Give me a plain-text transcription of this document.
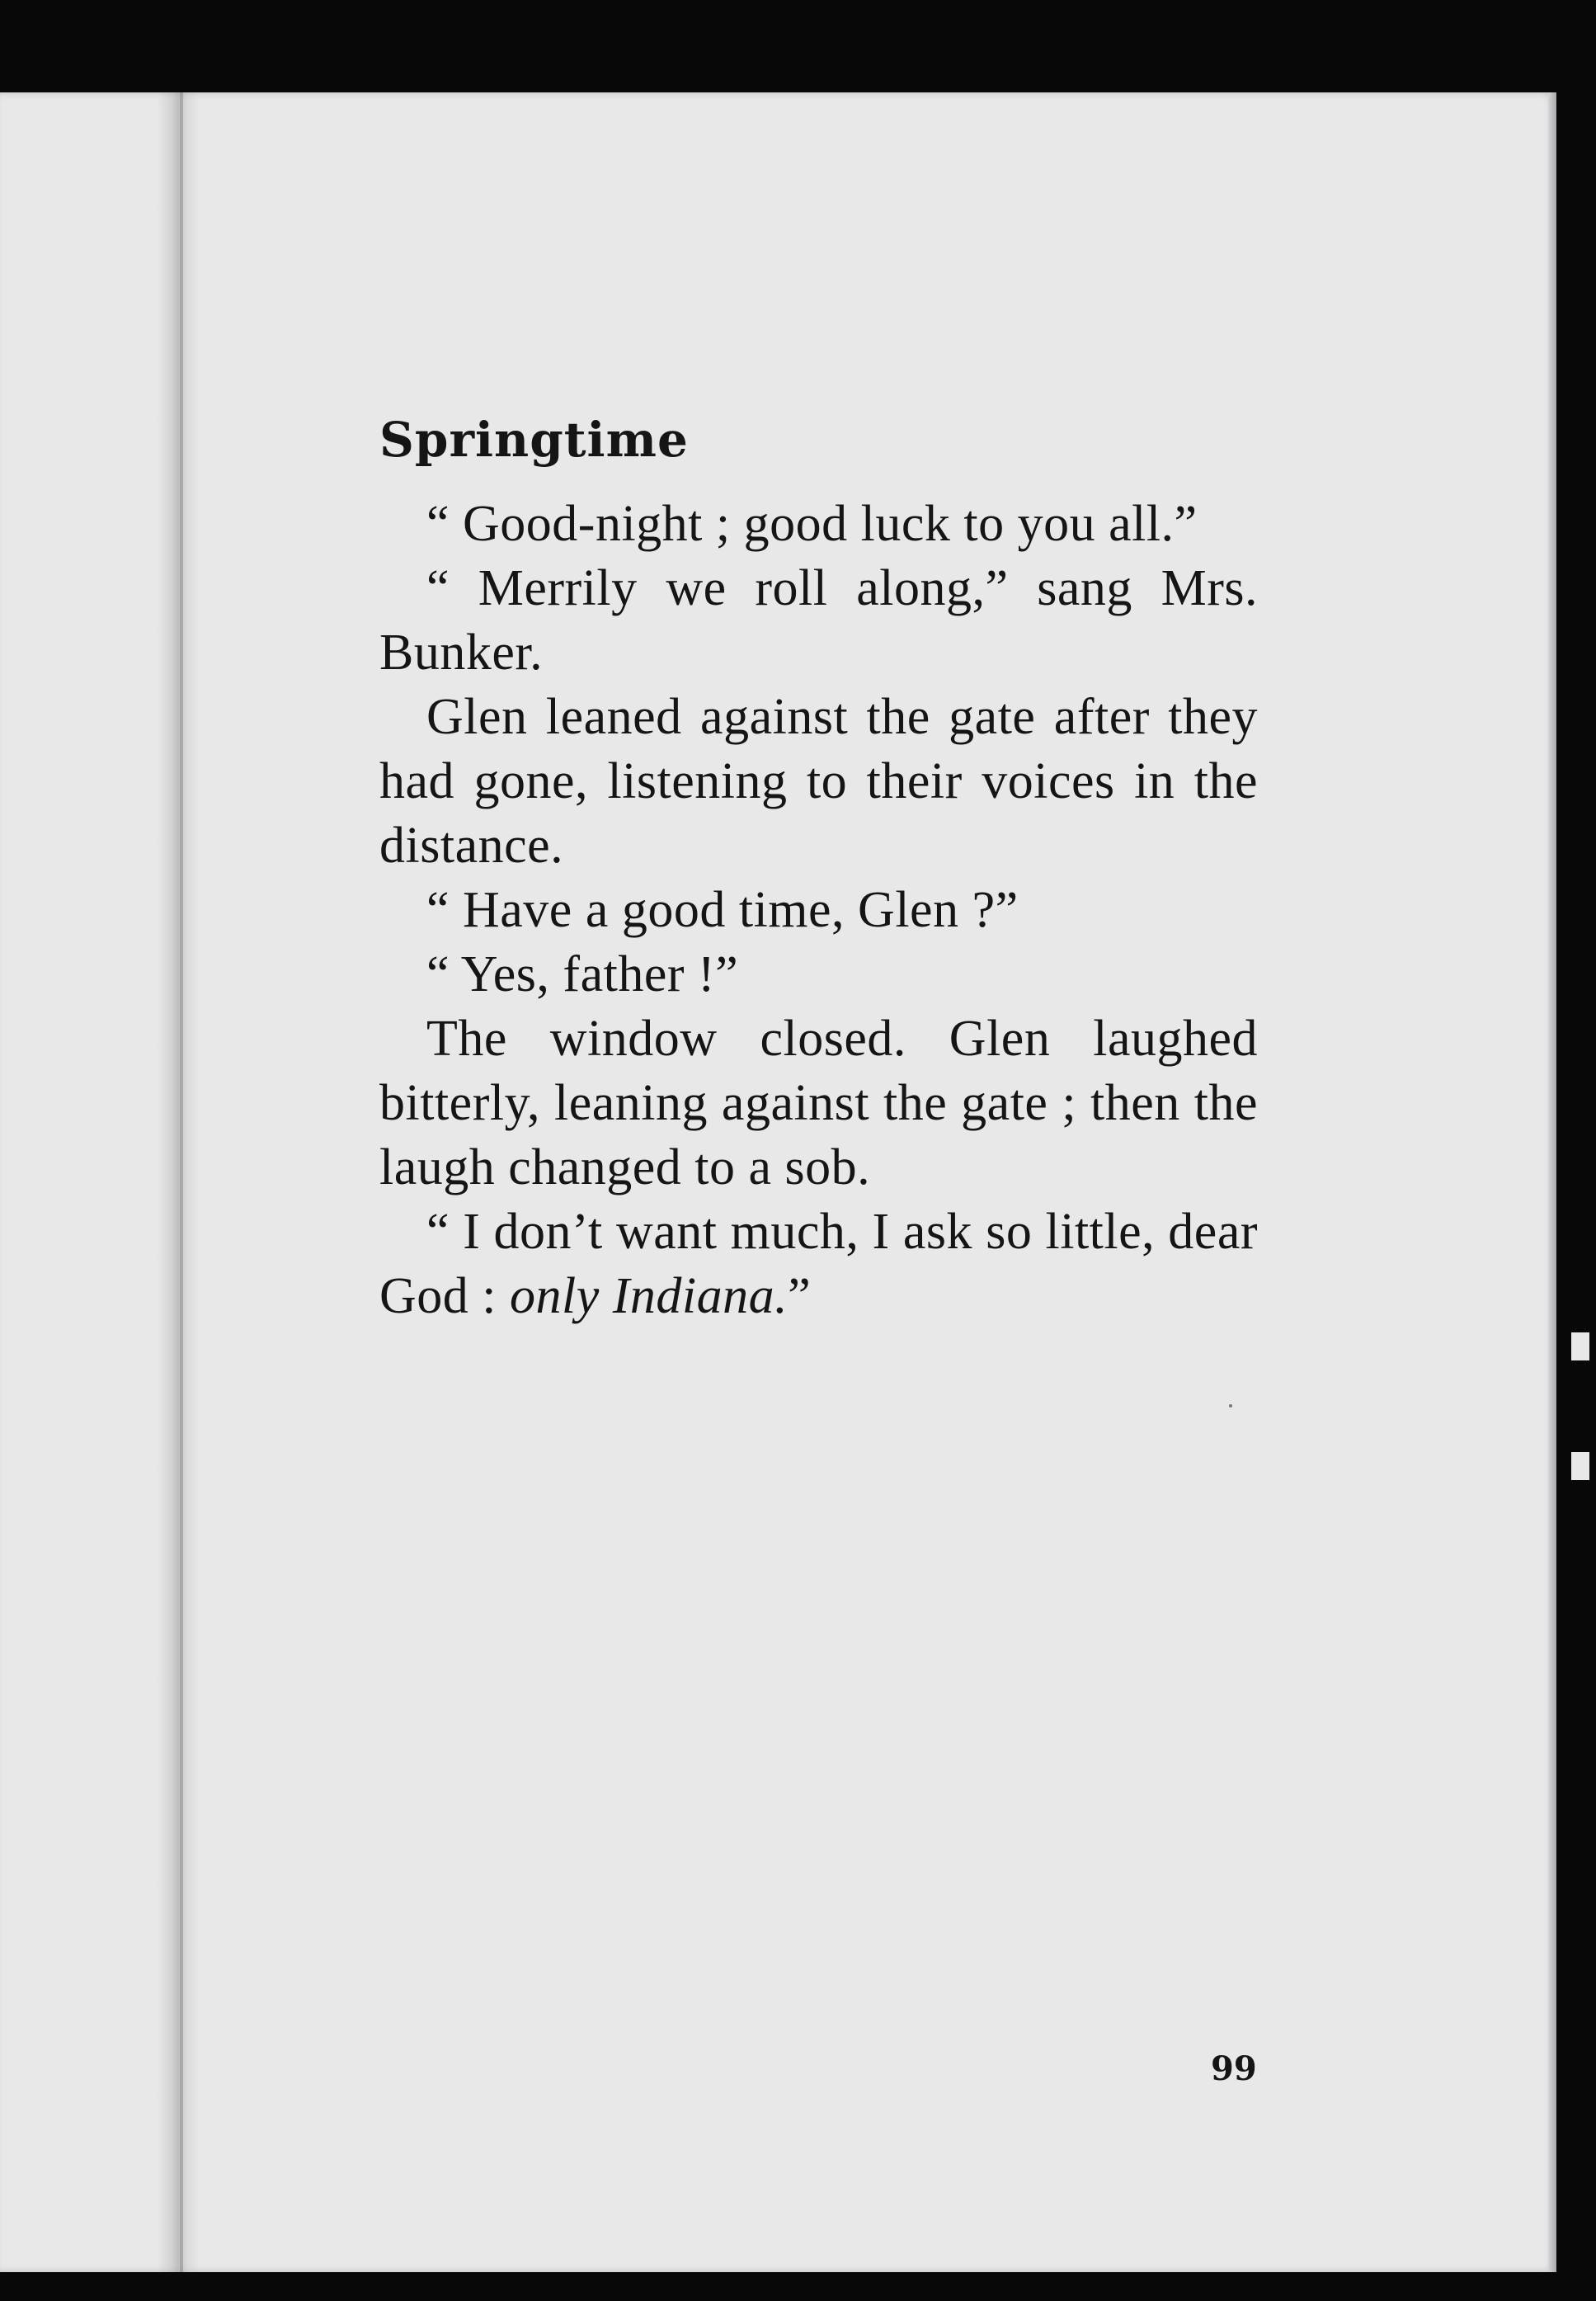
Springtime

“ Good-night ; good luck to you all.”

“ Merrily we roll along,” sang Mrs. Bunker.

Glen leaned against the gate after they had gone, listening to their voices in the distance.

“ Have a good time, Glen ?”

“ Yes, father !”

The window closed. Glen laughed bitterly, leaning against the gate ; then the laugh changed to a sob.

“ I don’t want much, I ask so little, dear God : only Indiana.”

99
